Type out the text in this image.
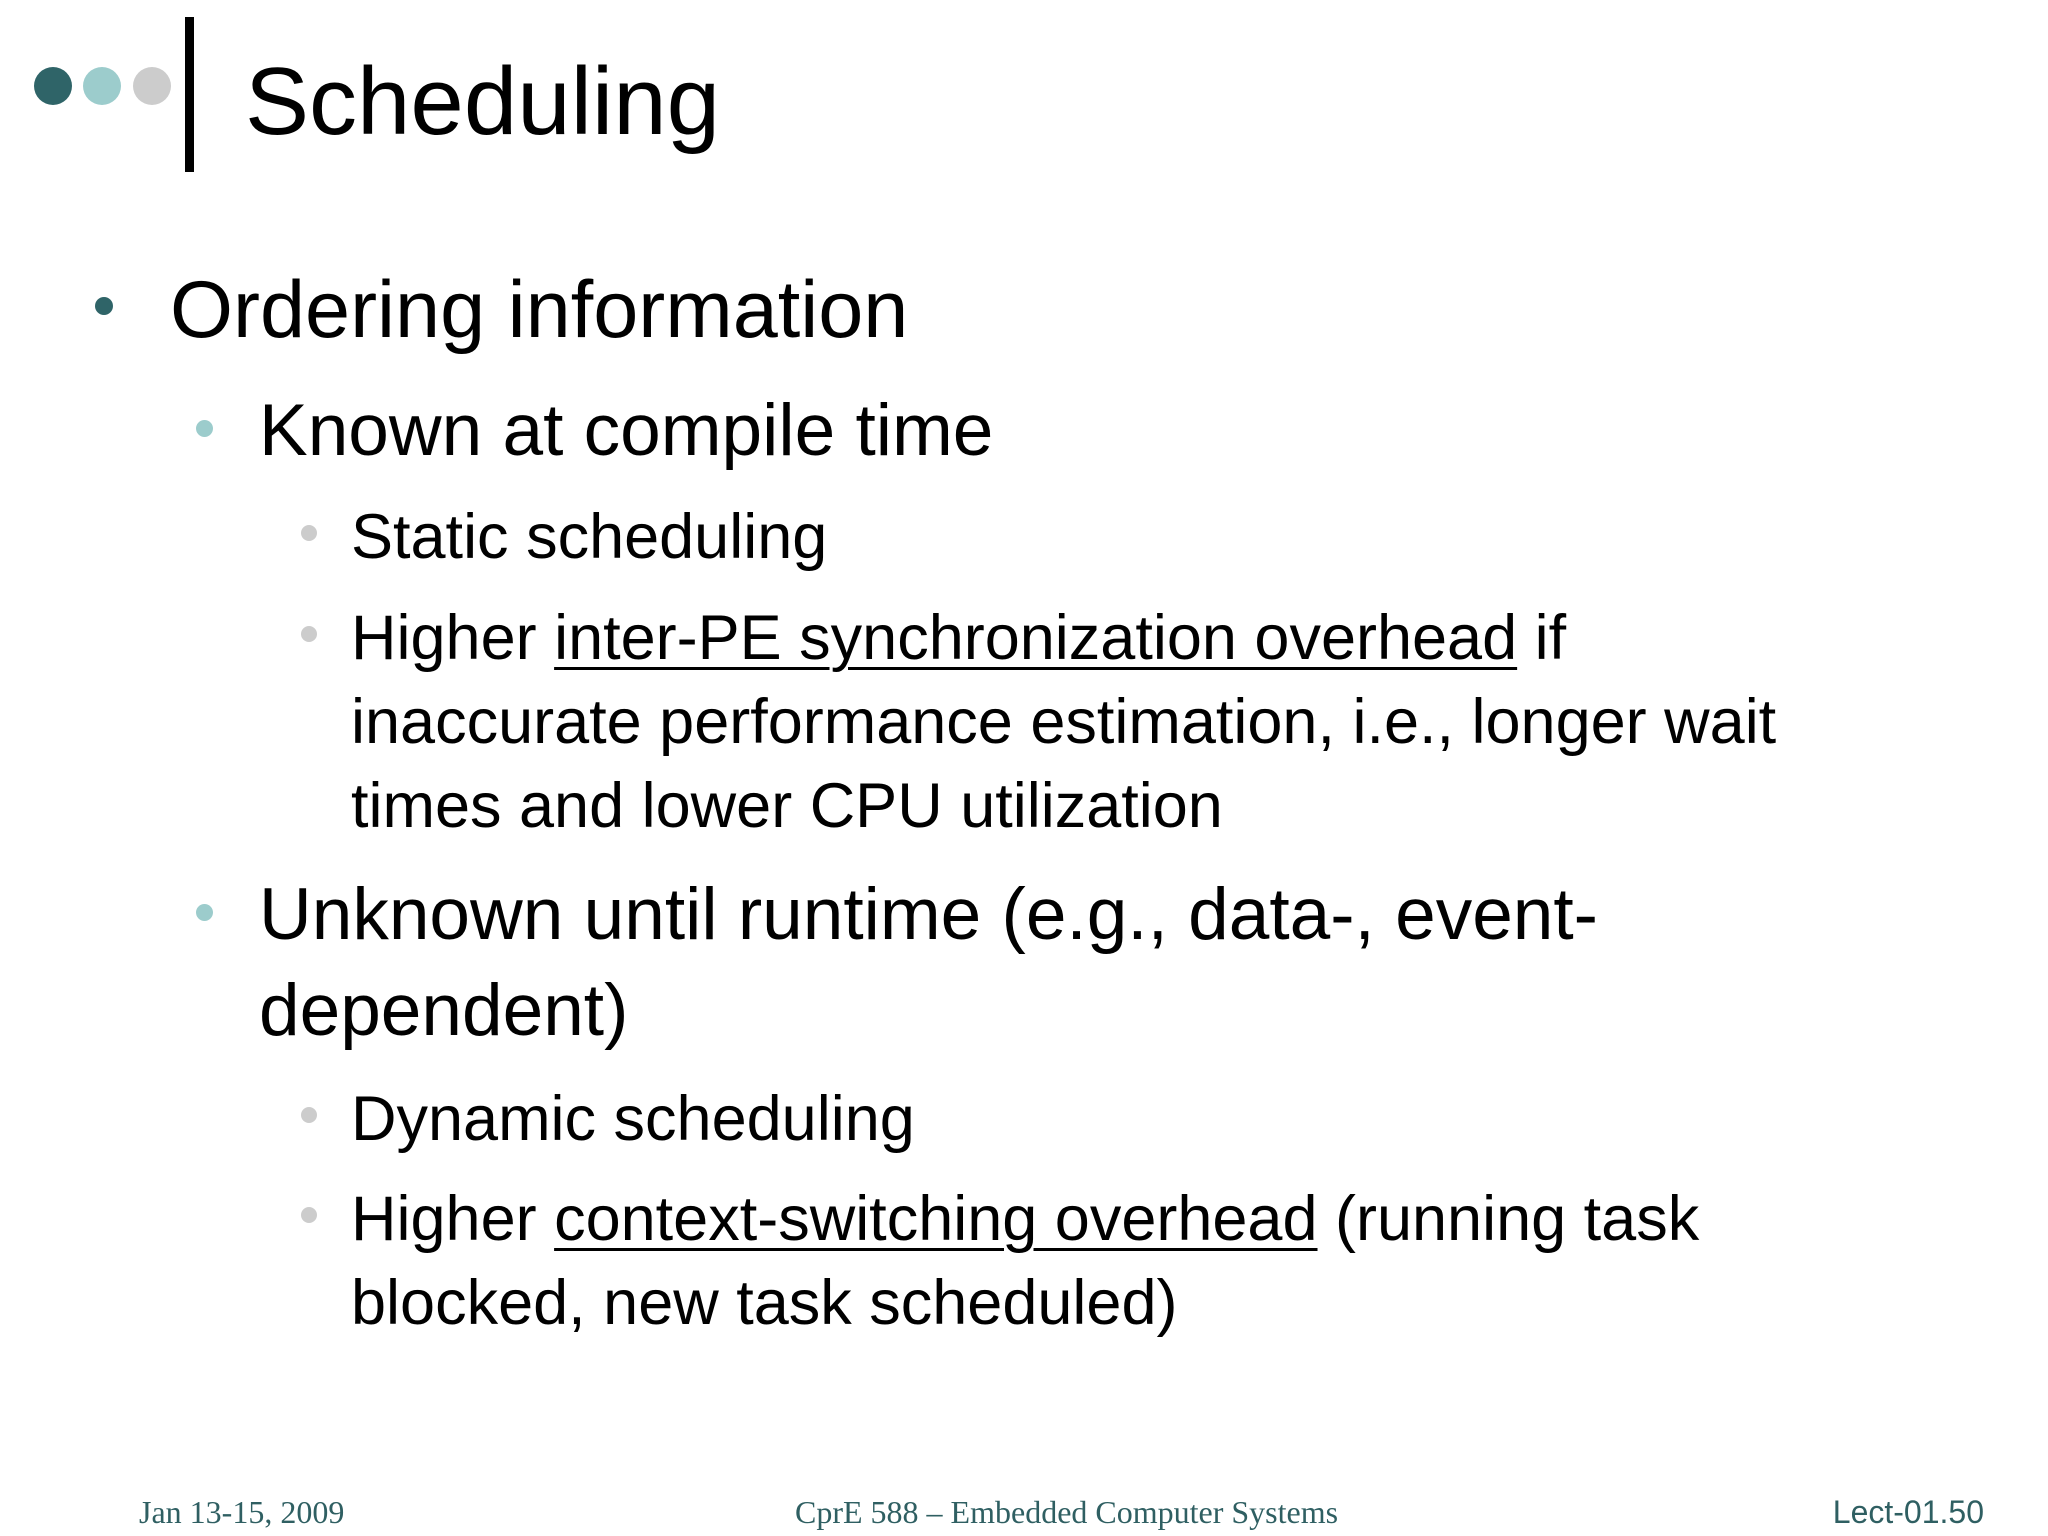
Scheduling
Ordering information
Known at compile time
Static scheduling
Higher inter-PE synchronization overhead if
inaccurate performance estimation, i.e., longer wait
times and lower CPU utilization
Unknown until runtime (e.g., data-, event-
dependent)
Dynamic scheduling
Higher context-switching overhead (running task
blocked, new task scheduled)
Jan 13-15, 2009	CprE 588 – Embedded Computer Systems	Lect-01.50
